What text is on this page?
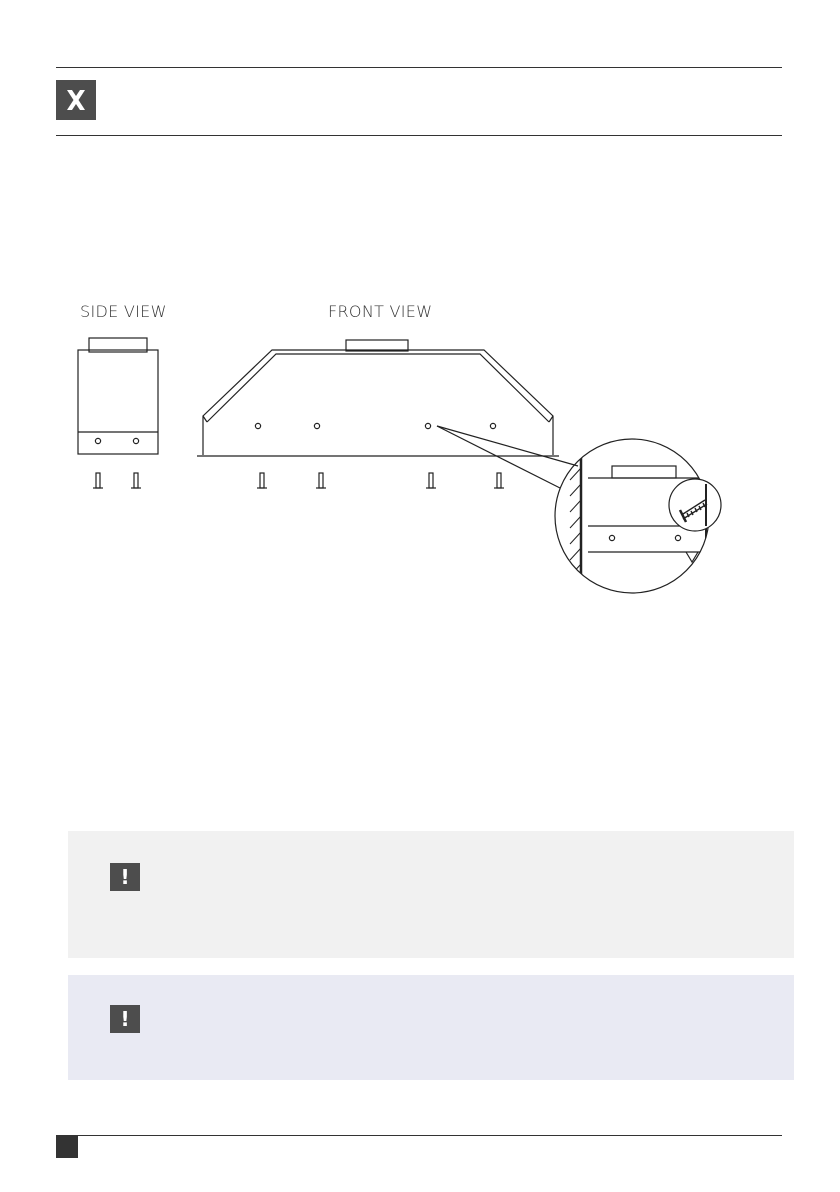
SIDE VIEW	FRONT VIEW
!
!
